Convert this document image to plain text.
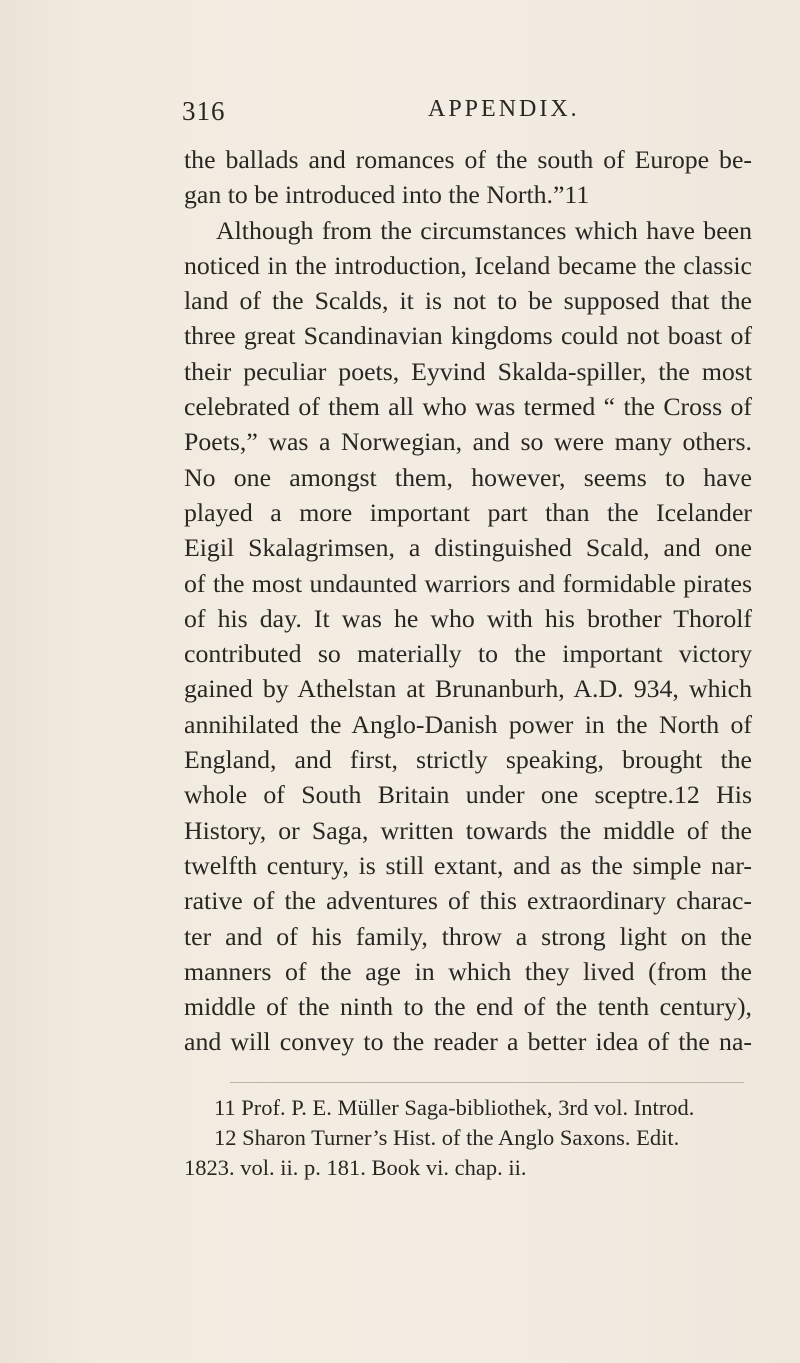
316	APPENDIX.
the ballads and romances of the south of Europe be-
gan to be introduced into the North.”11
Although from the circumstances which have been
noticed in the introduction, Iceland became the classic
land of the Scalds, it is not to be supposed that the
three great Scandinavian kingdoms could not boast of
their peculiar poets, Eyvind Skalda-spiller, the most
celebrated of them all who was termed “ the Cross of
Poets,” was a Norwegian, and so were many others.
No one amongst them, however, seems to have
played a more important part than the Icelander
Eigil Skalagrimsen, a distinguished Scald, and one
of the most undaunted warriors and formidable pirates
of his day. It was he who with his brother Thorolf
contributed so materially to the important victory
gained by Athelstan at Brunanburh, A.D. 934, which
annihilated the Anglo-Danish power in the North of
England, and first, strictly speaking, brought the
whole of South Britain under one sceptre.12 His
History, or Saga, written towards the middle of the
twelfth century, is still extant, and as the simple nar-
rative of the adventures of this extraordinary charac-
ter and of his family, throw a strong light on the
manners of the age in which they lived (from the
middle of the ninth to the end of the tenth century),
and will convey to the reader a better idea of the na-
11 Prof. P. E. Müller Saga-bibliothek, 3rd vol. Introd.
12 Sharon Turner’s Hist. of the Anglo Saxons. Edit.
1823. vol. ii. p. 181. Book vi. chap. ii.
